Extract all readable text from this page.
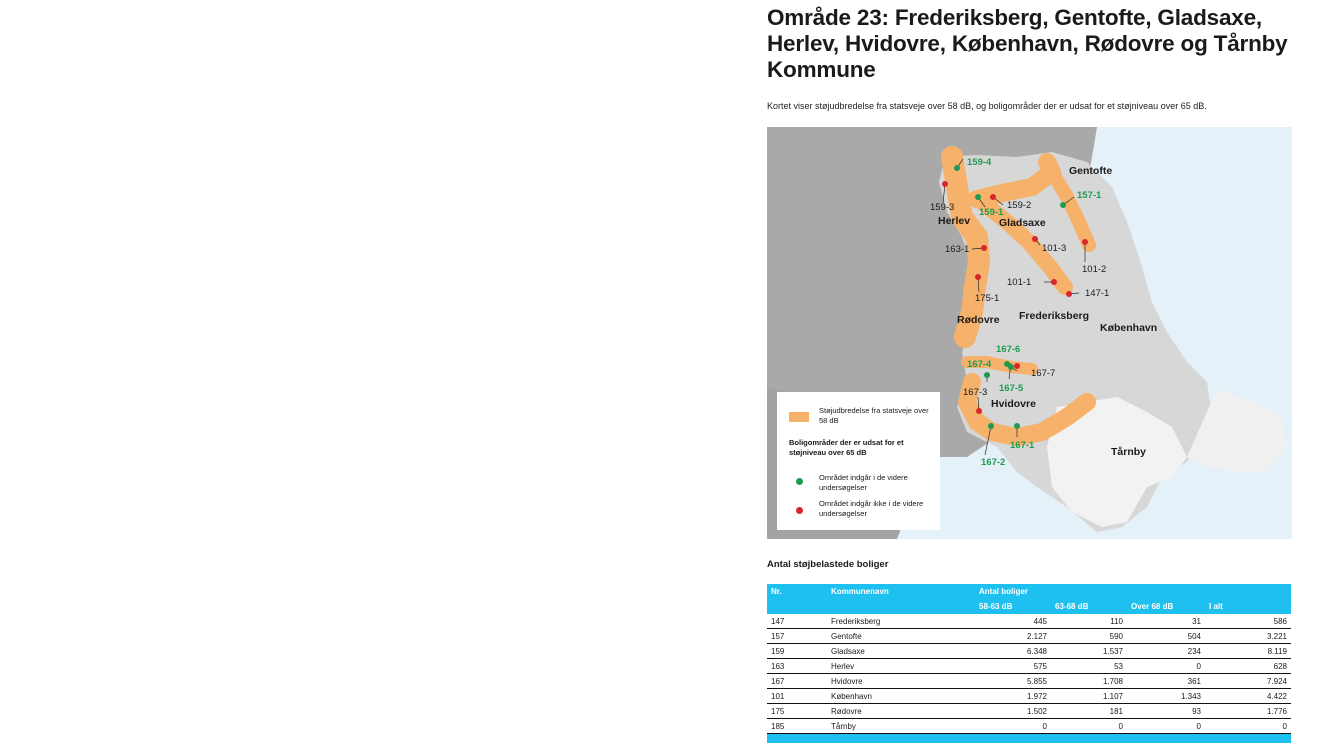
Område 23: Frederiksberg, Gentofte, Gladsaxe, Herlev, Hvidovre, København, Rødovre og Tårnby Kommune
Kortet viser støjudbredelse fra statsveje over 58 dB, og boligområder der er udsat for et støjniveau over 65 dB.
159-4
159-3	159-1
159-2
157-1
163-1	101-3
101-2
101-1
147-1
175-1
167-6
167-4
167-7
167-5
167-3
167-1
167-2
Gentofte
Herlev	Gladsaxe
Rødovre Frederiksberg
København
Hvidovre
Tårnby
Støjudbredelse fra statsveje over 58 dB
Boligområder der er udsat for et støjniveau over 65 dB
Området indgår i de videre undersøgelser
Området indgår ikke i de videre undersøgelser
Antal støjbelastede boliger
Nr.	Kommunenavn	Antal boliger			
		58-63 dB	63-68 dB	Over 68 dB	I alt
147	Frederiksberg	445	110	31	586
157	Gentofte	2.127	590	504	3.221
159	Gladsaxe	6.348	1.537	234	8.119
163	Herlev	575	53	0	628
167	Hvidovre	5.855	1.708	361	7.924
101	København	1.972	1.107	1.343	4.422
175	Rødovre	1.502	181	93	1.776
185	Tårnby	0	0	0	0
